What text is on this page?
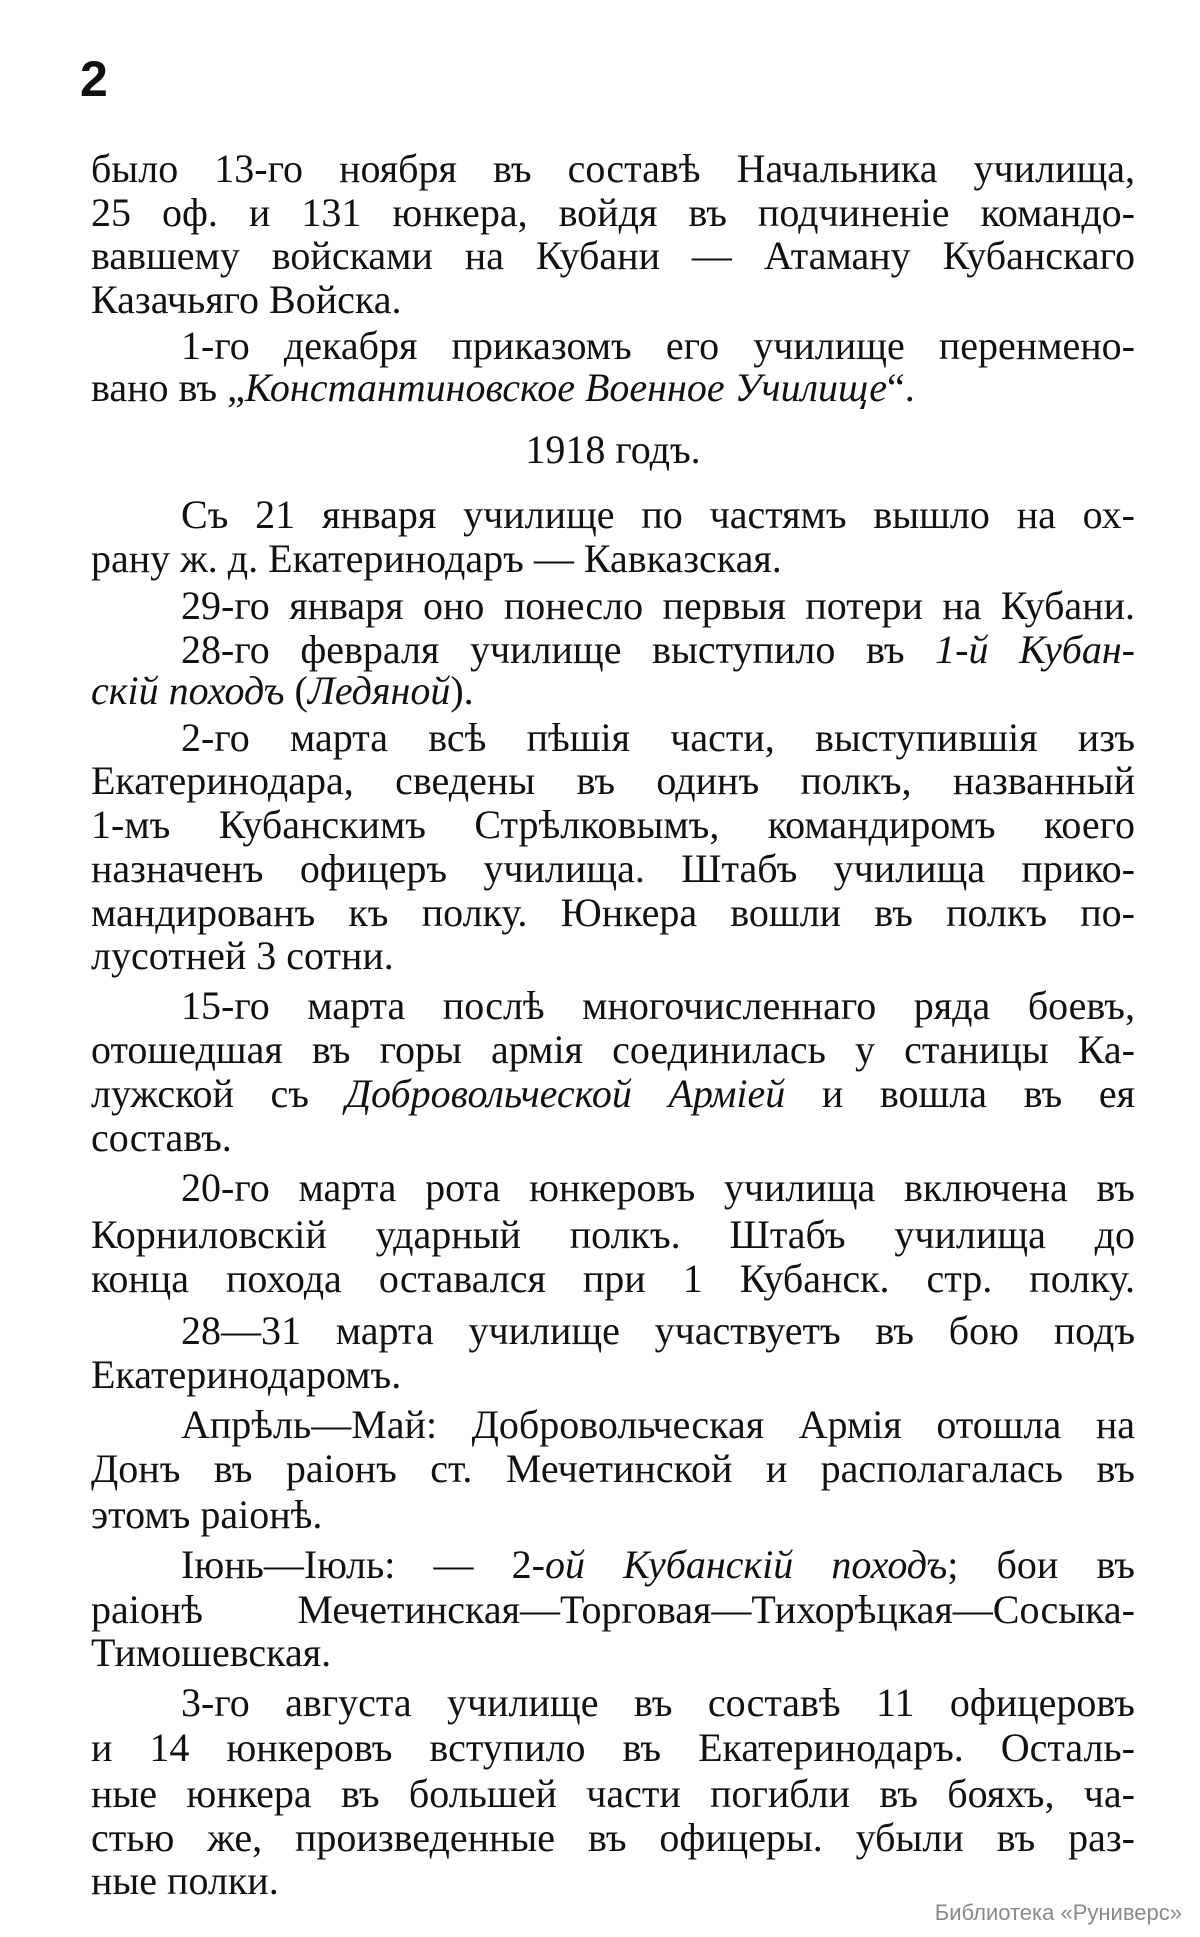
2
было 13-го ноября въ составѣ Начальника училища,
25 оф. и 131 юнкера, войдя въ подчиненіе командо-
вавшему войсками на Кубани — Атаману Кубанскаго
Казачьяго Войска.
1-го декабря приказомъ его училище перенмено-
вано въ „Константиновское Военное Училище“.
1918 годъ.
Съ 21 января училище по частямъ вышло на ох-
рану ж. д. Екатеринодаръ — Кавказская.
29-го января оно понесло первыя потери на Кубани.
28-го февраля училище выступило въ 1-й Кубан-
скій походъ (Ледяной).
2-го марта всѣ пѣшія части, выступившія изъ
Екатеринодара, сведены въ одинъ полкъ, названный
1-мъ Кубанскимъ Стрѣлковымъ, командиромъ коего
назначенъ офицеръ училища. Штабъ училища прико-
мандированъ къ полку. Юнкера вошли въ полкъ по-
лусотней 3 сотни.
15-го марта послѣ многочисленнаго ряда боевъ,
отошедшая въ горы армія соединилась у станицы Ка-
лужской съ Добровольческой Арміей и вошла въ ея
составъ.
20-го марта рота юнкеровъ училища включена въ
Корниловскій ударный полкъ. Штабъ училища до
конца похода оставался при 1 Кубанск. стр. полку.
28—31 марта училище участвуетъ въ бою подъ
Екатеринодаромъ.
Апрѣль—Май: Добровольческая Армія отошла на
Донъ въ раіонъ ст. Мечетинской и располагалась въ
этомъ раіонѣ.
Іюнь—Іюль: — 2-ой Кубанскій походъ; бои въ
раіонѣ Мечетинская—Торговая—Тихорѣцкая—Сосыка-
Тимошевская.
3-го августа училище въ составѣ 11 офицеровъ
и 14 юнкеровъ вступило въ Екатеринодаръ. Осталь-
ные юнкера въ большей части погибли въ бояхъ, ча-
стью же, произведенные въ офицеры. убыли въ раз-
ные полки.
Библиотека «Руниверс»
